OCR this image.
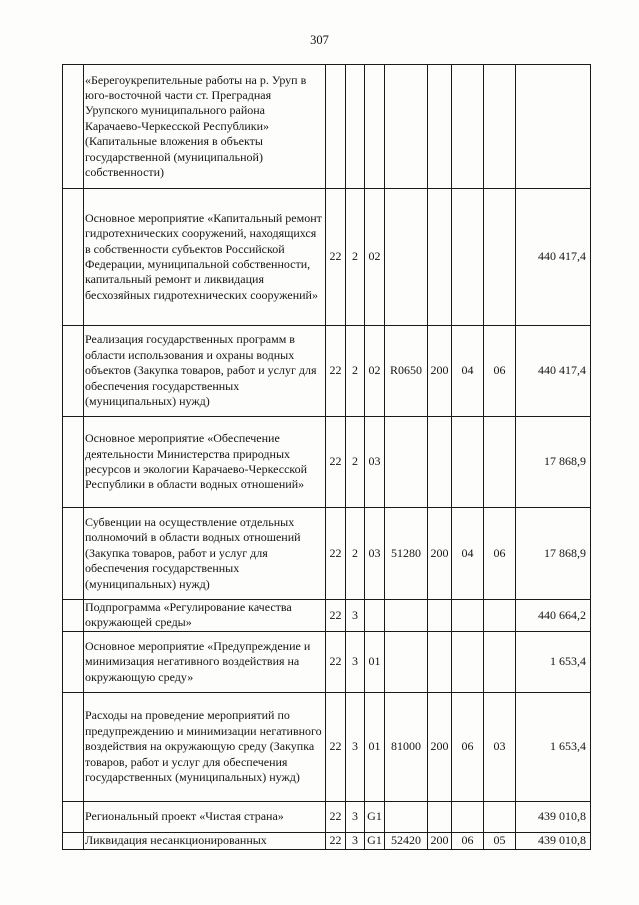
307
	«Берегоукрепительные работы на р. Уруп в юго-восточной части ст. Преградная Урупского муниципального района Карачаево-Черкесской Республики» (Капитальные вложения в объекты государственной (муниципальной) собственности)								
	Основное мероприятие «Капитальный ремонт гидротехнических сооружений, находящихся в собственности субъектов Российской Федерации, муниципальной собственности, капитальный ремонт и ликвидация бесхозяйных гидротехнических сооружений»	22	2	02					440 417,4
	Реализация государственных программ в области использования и охраны водных объектов (Закупка товаров, работ и услуг для обеспечения государственных (муниципальных) нужд)	22	2	02	R0650	200	04	06	440 417,4
	Основное мероприятие «Обеспечение деятельности Министерства природных ресурсов и экологии Карачаево-Черкесской Республики в области водных отношений»	22	2	03					17 868,9
	Субвенции на осуществление отдельных полномочий в области водных отношений (Закупка товаров, работ и услуг для обеспечения государственных (муниципальных) нужд)	22	2	03	51280	200	04	06	17 868,9
	Подпрограмма «Регулирование качества окружающей среды»	22	3						440 664,2
	Основное мероприятие «Предупреждение и минимизация негативного воздействия на окружающую среду»	22	3	01					1 653,4
	Расходы на проведение мероприятий по предупреждению и минимизации негативного воздействия на окружающую среду (Закупка товаров, работ и услуг для обеспечения государственных (муниципальных) нужд)	22	3	01	81000	200	06	03	1 653,4
	Региональный проект «Чистая страна»	22	3	G1					439 010,8
	Ликвидация несанкционированных	22	3	G1	52420	200	06	05	439 010,8
